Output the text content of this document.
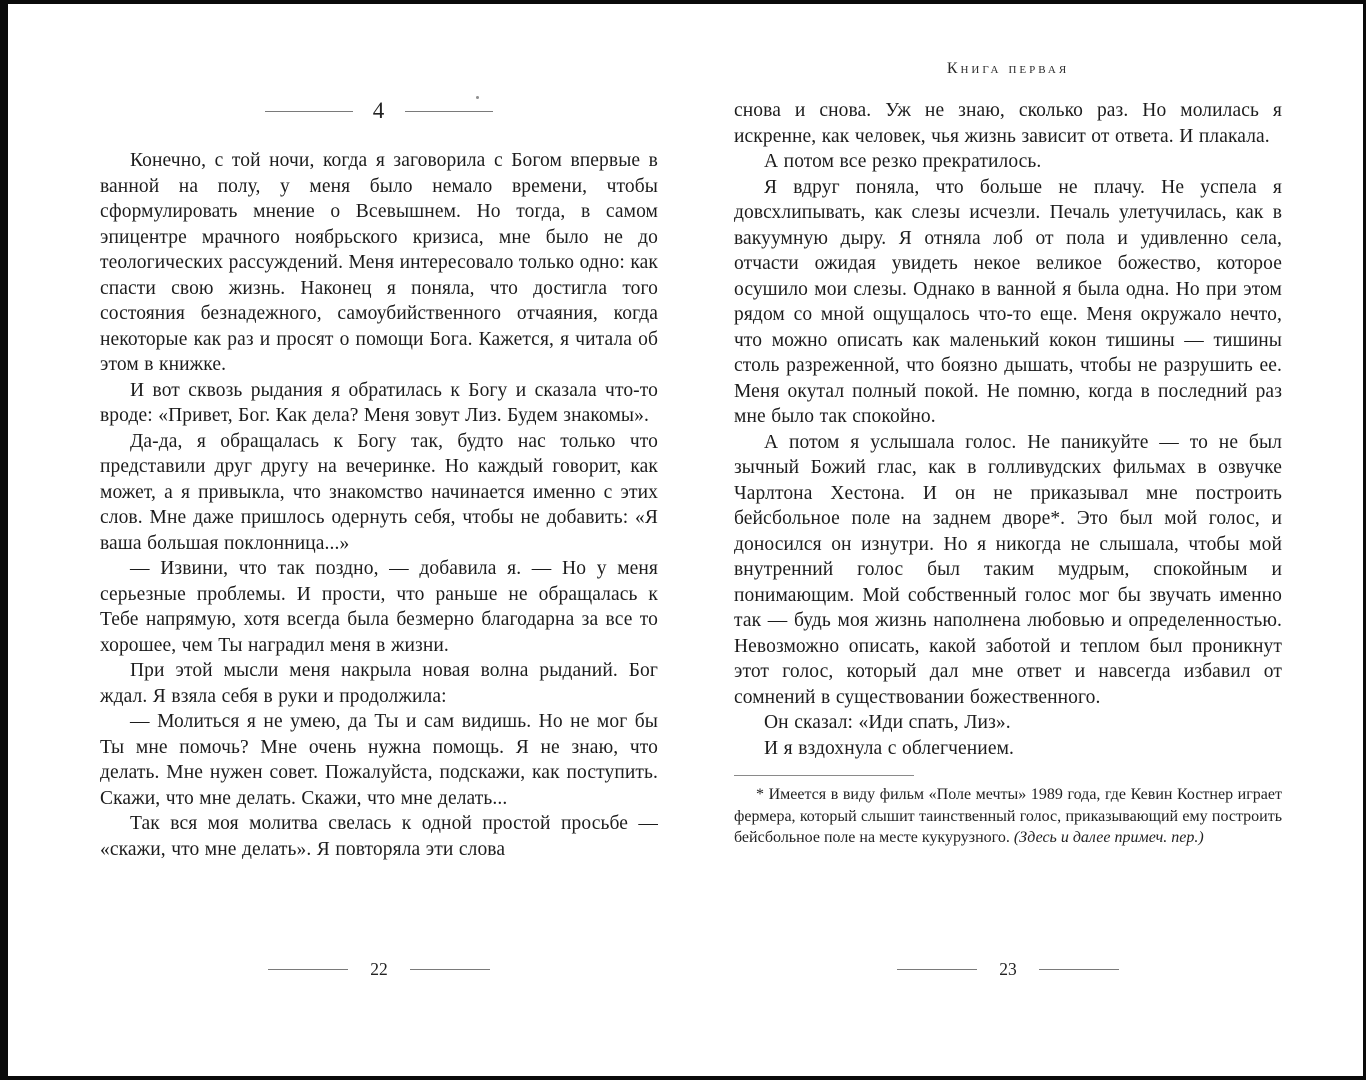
4

Конечно, с той ночи, когда я заговорила с Богом впервые в ванной на полу, у меня было немало времени, чтобы сформулировать мнение о Всевышнем. Но тогда, в самом эпицентре мрачного ноябрьского кризиса, мне было не до теологических рассуждений. Меня интересовало только одно: как спасти свою жизнь. Наконец я поняла, что достигла того состояния безнадежного, самоубийственного отчаяния, когда некоторые как раз и просят о помощи Бога. Кажется, я читала об этом в книжке.

И вот сквозь рыдания я обратилась к Богу и сказала что-то вроде: «Привет, Бог. Как дела? Меня зовут Лиз. Будем знакомы».

Да-да, я обращалась к Богу так, будто нас только что представили друг другу на вечеринке. Но каждый говорит, как может, а я привыкла, что знакомство начинается именно с этих слов. Мне даже пришлось одернуть себя, чтобы не добавить: «Я ваша большая поклонница...»

— Извини, что так поздно, — добавила я. — Но у меня серьезные проблемы. И прости, что раньше не обращалась к Тебе напрямую, хотя всегда была безмерно благодарна за все то хорошее, чем Ты наградил меня в жизни.

При этой мысли меня накрыла новая волна рыданий. Бог ждал. Я взяла себя в руки и продолжила:

— Молиться я не умею, да Ты и сам видишь. Но не мог бы Ты мне помочь? Мне очень нужна помощь. Я не знаю, что делать. Мне нужен совет. Пожалуйста, подскажи, как поступить. Скажи, что мне делать. Скажи, что мне делать...

Так вся моя молитва свелась к одной простой просьбе — «скажи, что мне делать». Я повторяла эти слова

22
Книга первая

снова и снова. Уж не знаю, сколько раз. Но молилась я искренне, как человек, чья жизнь зависит от ответа. И плакала.

А потом все резко прекратилось.

Я вдруг поняла, что больше не плачу. Не успела я довсхлипывать, как слезы исчезли. Печаль улетучилась, как в вакуумную дыру. Я отняла лоб от пола и удивленно села, отчасти ожидая увидеть некое великое божество, которое осушило мои слезы. Однако в ванной я была одна. Но при этом рядом со мной ощущалось что-то еще. Меня окружало нечто, что можно описать как маленький кокон тишины — тишины столь разреженной, что боязно дышать, чтобы не разрушить ее. Меня окутал полный покой. Не помню, когда в последний раз мне было так спокойно.

А потом я услышала голос. Не паникуйте — то не был зычный Божий глас, как в голливудских фильмах в озвучке Чарлтона Хестона. И он не приказывал мне построить бейсбольное поле на заднем дворе*. Это был мой голос, и доносился он изнутри. Но я никогда не слышала, чтобы мой внутренний голос был таким мудрым, спокойным и понимающим. Мой собственный голос мог бы звучать именно так — будь моя жизнь наполнена любовью и определенностью. Невозможно описать, какой заботой и теплом был проникнут этот голос, который дал мне ответ и навсегда избавил от сомнений в существовании божественного.

Он сказал: «Иди спать, Лиз».

И я вздохнула с облегчением.

* Имеется в виду фильм «Поле мечты» 1989 года, где Кевин Костнер играет фермера, который слышит таинственный голос, приказывающий ему построить бейсбольное поле на месте кукурузного. (Здесь и далее примеч. пер.)
23
